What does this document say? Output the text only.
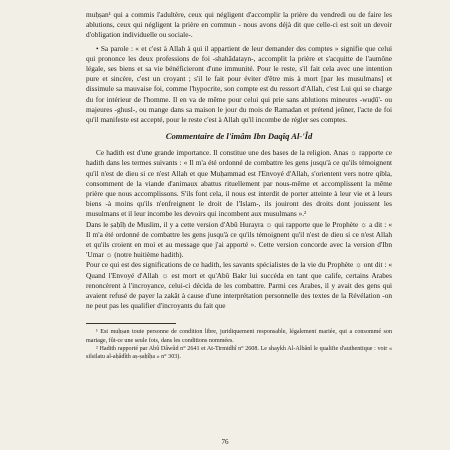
muḥṣan¹ qui a commis l'adultère, ceux qui négligent d'accomplir la prière du vendredi ou de faire les ablutions, ceux qui négligent la prière en commun - nous avons déjà dit que celle-ci est soit un devoir d'obligation individuelle ou sociale-.

• Sa parole : « et c'est à Allah à qui il appartient de leur demander des comptes » signifie que celui qui prononce les deux professions de foi -shahâdatayn-, accomplit la prière et s'acquitte de l'aumône légale, ses biens et sa vie bénéficieront d'une immunité. Pour le reste, s'il fait cela avec une intention pure et sincère, c'est un croyant ; s'il le fait pour éviter d'être mis à mort [par les musulmans] et dissimule sa mauvaise foi, comme l'hypocrite, son compte est du ressort d'Allah, c'est Lui qui se charge du for intérieur de l'homme. Il en va de même pour celui qui prie sans ablutions mineures -wuḍû'- ou majeures -ghusl-, ou mange dans sa maison le jour du mois de Ramadan et prétend jeûner, l'acte de foi qu'il manifeste est accepté, pour le reste c'est à Allah qu'il incombe de régler ses comptes.

Commentaire de l'imâm Ibn Daqîq Al-'Îd

Ce hadith est d'une grande importance. Il constitue une des bases de la religion. Anas ☼ rapporte ce hadith dans les termes suivants : « Il m'a été ordonné de combattre les gens jusqu'à ce qu'ils témoignent qu'il n'est de dieu si ce n'est Allah et que Muḥammad est l'Envoyé d'Allah, s'orientent vers notre qibla, consomment de la viande d'animaux abattus rituellement par nous-même et accomplissent la même prière que nous accomplissons. S'ils font cela, il nous est interdit de porter atteinte à leur vie et à leurs biens -à moins qu'ils n'enfreignent le droit de l'Islam-, ils jouiront des droits dont jouissent les musulmans et il leur incombe les devoirs qui incombent aux musulmans ».²

Dans le ṣaḥîḥ de Muslim, il y a cette version d'Abû Hurayra ☼ qui rapporte que le Prophète ☼ a dit : « Il m'a été ordonné de combattre les gens jusqu'à ce qu'ils témoignent qu'il n'est de dieu si ce n'est Allah et qu'ils croient en moi et au message que j'ai apporté ». Cette version concorde avec la version d'Ibn 'Umar ☼ (notre huitième hadith).

Pour ce qui est des significations de ce hadith, les savants spécialistes de la vie du Prophète ☼ ont dit : « Quand l'Envoyé d'Allah ☼ est mort et qu'Abû Bakr lui succéda en tant que calife, certains Arabes renoncèrent à l'incroyance, celui-ci décida de les combattre. Parmi ces Arabes, il y avait des gens qui avaient refusé de payer la zakât à cause d'une interprétation personnelle des textes de la Révélation -on ne peut pas les qualifier d'incroyants du fait que

¹ Est muḥṣan toute personne de condition libre, juridiquement responsable, légalement mariée, qui a consommé son mariage, fût-ce une seule fois, dans les conditions nommées.

² Hadith rapporté par Abû Dâwûd n° 2641 et At-Tirmidhî n° 2608. Le shaykh Al-Albânî le qualifie d'authentique : voir « silsilatu al-aḥâdîth aṣ-ṣaḥîḥa » n° 303).

76
